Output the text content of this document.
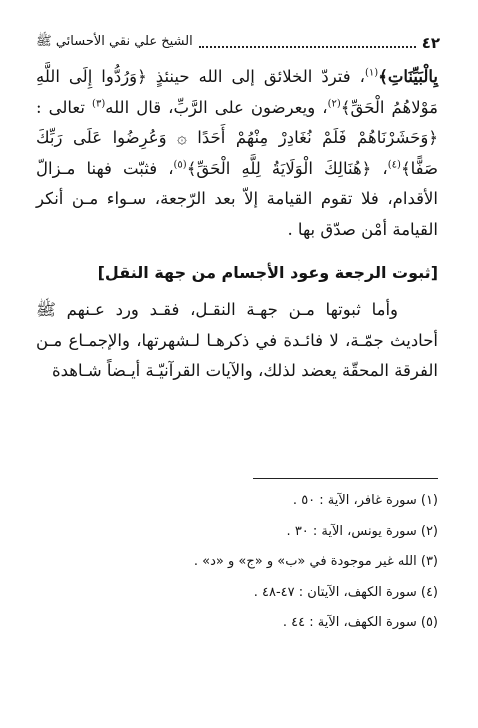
٤٢
الشيخ علي نقي الأحسائي ﷺ

يِالْبَيِّنَاتِ﴾$^{(١)}$، فتردّ الخلائق إلى الله حينئذٍ ﴿وَرُدُّوا إِلَى اللَّهِ مَوْلاهُمُ الْحَقِّ﴾$^{(٢)}$، ويعرضون على الرَّبِّ، قال الله$^{(٣)}$ تعالى : ﴿وَحَشَرْنَاهُمْ فَلَمْ نُغَادِرْ مِنْهُمْ أَحَدًا ۞ وَعُرِضُوا عَلَى رَبِّكَ صَفًّا﴾$^{(٤)}$، ﴿هُنَالِكَ الْوَلَايَةُ لِلَّهِ الْحَقِّ﴾$^{(٥)}$، فثبّت فهنا مـزالّ الأقدام، فلا تقوم القيامة إلاّ بعد الرّجعة، سـواء مـن أنكر القيامة أمْن صدّق بها .

[ثبوت الرجعة وعود الأجسام من جهة النقل]

وأما ثبوتها مـن جهـة النقـل، فقـد ورد عـنهم ﷺ أحاديث جمّـة، لا فائـدة في ذكرهـا لـشهرتها، والإجمـاع مـن الفرقة المحقّة يعضد لذلك، والآيات القرآنيّـة أيـضاً شـاهدة

(١) سورة غافر، الآية : ٥٠ .

(٢) سورة يونس، الآية : ٣٠ .

(٣) الله غير موجودة في «ب» و «ج» و «د» .

(٤) سورة الكهف، الآيتان : ٤٧-٤٨ .

(٥) سورة الكهف، الآية : ٤٤ .
